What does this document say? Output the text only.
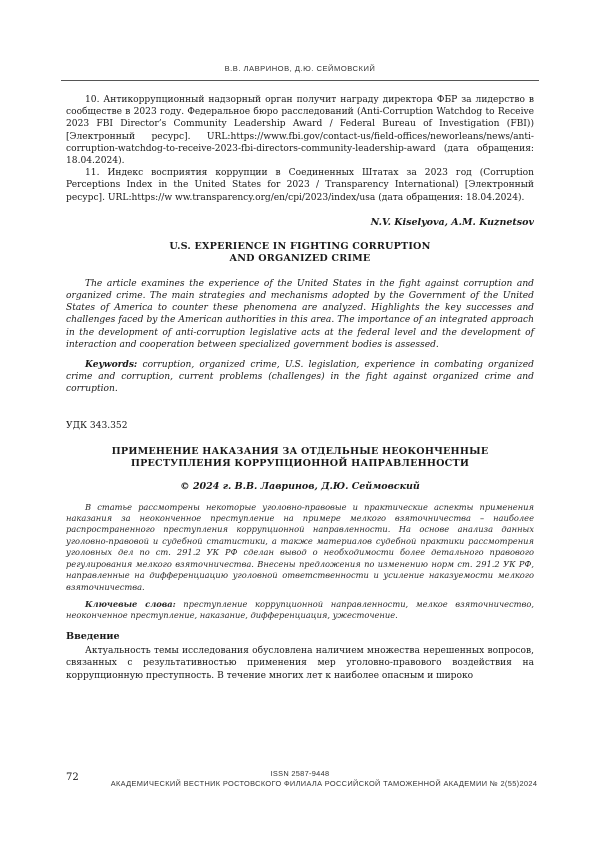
В.В. ЛАВРИНОВ, Д.Ю. СЕЙМОВСКИЙ

10. Антикоррупционный надзорный орган получит награду директора ФБР за лидерство в сообществе в 2023 году. Федеральное бюро расследований (Anti-Corruption Watchdog to Receive 2023 FBI Director’s Community Leadership Award / Federal Bureau of Investigation (FBI)) [Электронный ресурс]. URL:https://www.fbi.gov/contact-us/field-offices/neworleans/news/anti-corruption-watchdog-to-receive-2023-fbi-directors-community-leadership-award (дата обращения: 18.04.2024).

11. Индекс восприятия коррупции в Соединенных Штатах за 2023 год (Corruption Perceptions Index in the United States for 2023 / Transparency International) [Электронный ресурс]. URL:https://w ww.transparency.org/en/cpi/2023/index/usa (дата обращения: 18.04.2024).

N.V. Kiselyova, A.M. Kuznetsov

U.S. EXPERIENCE IN FIGHTING CORRUPTION
AND ORGANIZED CRIME

The article examines the experience of the United States in the fight against corruption and organized crime. The main strategies and mechanisms adopted by the Government of the United States of America to counter these phenomena are analyzed. Highlights the key successes and challenges faced by the American authorities in this area. The importance of an integrated approach in the development of anti-corruption legislative acts at the federal level and the development of interaction and cooperation between specialized government bodies is assessed.

Keywords: corruption, organized crime, U.S. legislation, experience in combating organized crime and corruption, current problems (challenges) in the fight against organized crime and corruption.

УДК 343.352

ПРИМЕНЕНИЕ НАКАЗАНИЯ ЗА ОТДЕЛЬНЫЕ НЕОКОНЧЕННЫЕ
ПРЕСТУПЛЕНИЯ КОРРУПЦИОННОЙ НАПРАВЛЕННОСТИ

© 2024 г. В.В. Лавринов, Д.Ю. Сеймовский

В статье рассмотрены некоторые уголовно-правовые и практические аспекты применения наказания за неоконченное преступление на примере мелкого взяточничества – наиболее распространенного преступления коррупционной направленности. На основе анализа данных уголовно-правовой и судебной статистики, а также материалов судебной практики рассмотрения уголовных дел по ст. 291.2 УК РФ сделан вывод о необходимости более детального правового регулирования мелкого взяточничества. Внесены предложения по изменению норм ст. 291.2 УК РФ, направленные на дифференциацию уголовной ответственности и усиление наказуемости мелкого взяточничества.

Ключевые слова: преступление коррупционной направленности, мелкое взяточничество, неоконченное преступление, наказание, дифференциация, ужесточение.

Введение

Актуальность темы исследования обусловлена наличием множества нерешенных вопросов, связанных с результативностью применения мер уголовно-правового воздействия на коррупционную преступность. В течение многих лет к наиболее опасным и широко

72	ISSN 2587-9448
АКАДЕМИЧЕСКИЙ ВЕСТНИК РОСТОВСКОГО ФИЛИАЛА РОССИЙСКОЙ ТАМОЖЕННОЙ АКАДЕМИИ № 2(55)2024
